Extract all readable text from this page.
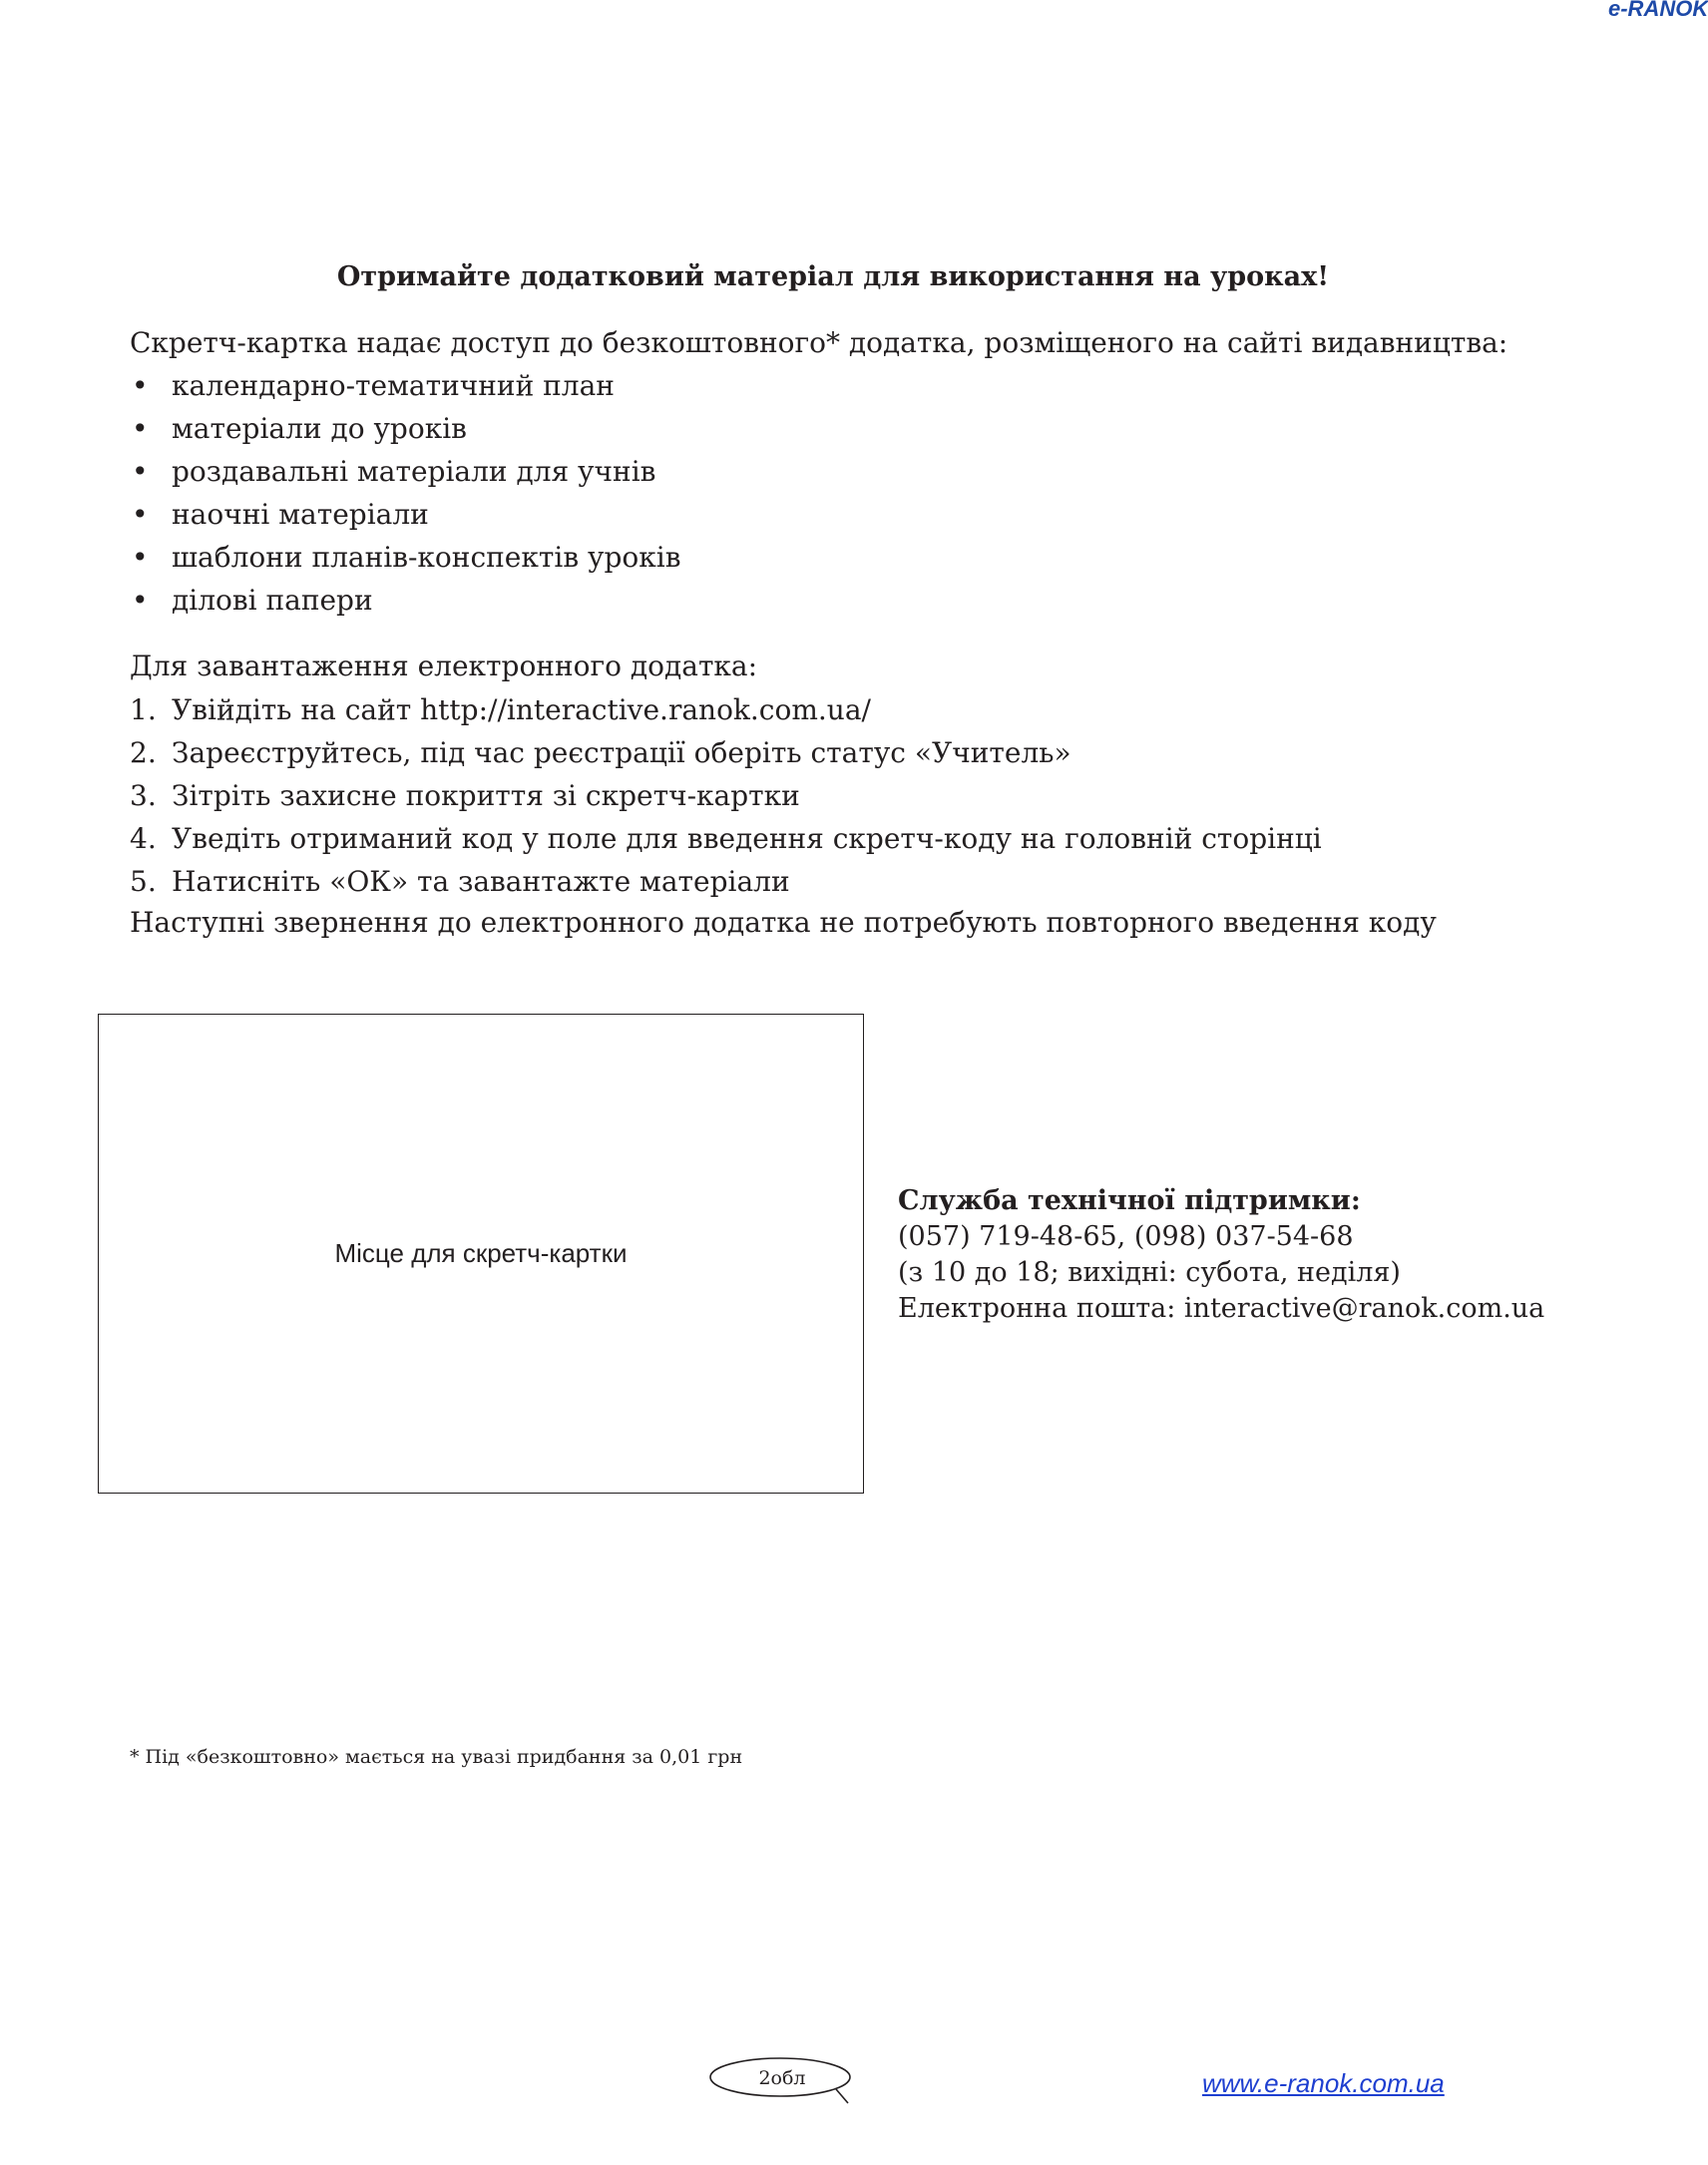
e-RANOK
Отримайте додатковий матеріал для використання на уроках!
Скретч-картка надає доступ до безкоштовного* додатка, розміщеного на сайті видавництва:
• календарно-тематичний план
• матеріали до уроків
• роздавальні матеріали для учнів
• наочні матеріали
• шаблони планів-конспектів уроків
• ділові папери
Для завантаження електронного додатка:
1. Увійдіть на сайт http://interactive.ranok.com.ua/
2. Зареєструйтесь, під час реєстрації оберіть статус «Учитель»
3. Зітріть захисне покриття зі скретч-картки
4. Уведіть отриманий код у поле для введення скретч-коду на головній сторінці
5. Натисніть «ОК» та завантажте матеріали
Наступні звернення до електронного додатка не потребують повторного введення коду
Місце для скретч-картки
Служба технічної підтримки:
(057) 719-48-65, (098) 037-54-68
(з 10 до 18; вихідні: субота, неділя)
Електронна пошта: interactive@ranok.com.ua
* Під «безкоштовно» мається на увазі придбання за 0,01 грн
2обл	www.e-ranok.com.ua
